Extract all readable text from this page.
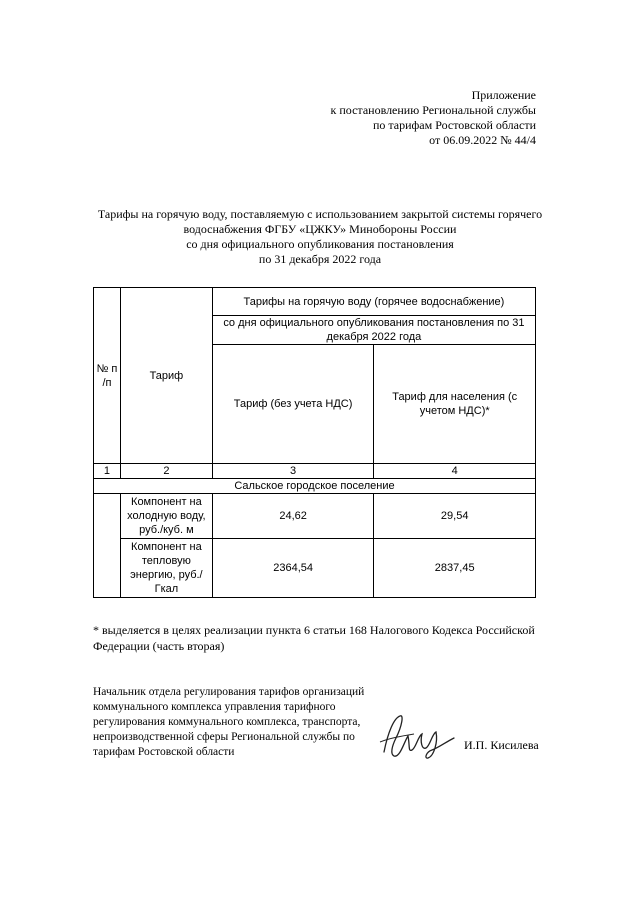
Приложение
к постановлению Региональной службы
по тарифам Ростовской области
от 06.09.2022 № 44/4
Тарифы на горячую воду, поставляемую с использованием закрытой системы горячего
водоснабжения ФГБУ «ЦЖКУ» Минобороны России
со дня официального опубликования постановления
по 31 декабря 2022 года
№ п /п	Тариф	Тарифы на горячую воду (горячее водоснабжение)	
		со дня официального опубликования постановления по 31 декабря 2022 года	
		Тариф (без учета НДС)	Тариф для населения (с учетом НДС)*
1	2	3	4
Сальское городское поселение			
	Компонент на холодную воду, руб./куб. м	24,62	29,54
	Компонент на тепловую энергию, руб./Гкал	2364,54	2837,45
* выделяется в целях реализации пункта 6 статьи 168 Налогового Кодекса Российской Федерации (часть вторая)
Начальник отдела регулирования тарифов организаций коммунального комплекса управления тарифного регулирования коммунального комплекса, транспорта, непроизводственной сферы Региональной службы по тарифам Ростовской области	И.П. Кисилева
